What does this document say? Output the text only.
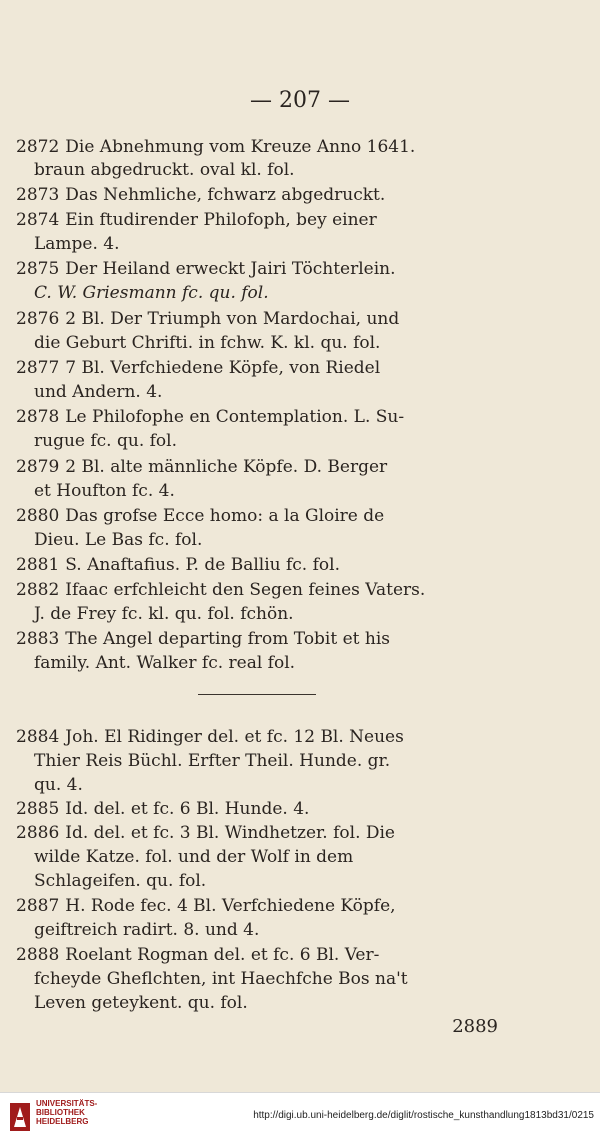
— 207 —
2872 Die Abnehmung vom Kreuze Anno 1641.
braun abgedruckt. oval kl. fol.
2873 Das Nehmliche, fchwarz abgedruckt.
2874 Ein ftudirender Philofoph, bey einer
Lampe. 4.
2875 Der Heiland erweckt Jairi Töchterlein.
C. W. Griesmann fc. qu. fol.
2876 2 Bl. Der Triumph von Mardochai, und
die Geburt Chrifti. in fchw. K. kl. qu. fol.
2877 7 Bl. Verfchiedene Köpfe, von Riedel
und Andern. 4.
2878 Le Philofophe en Contemplation. L. Su-
rugue fc. qu. fol.
2879 2 Bl. alte männliche Köpfe. D. Berger
et Houfton fc. 4.
2880 Das grofse Ecce homo: a la Gloire de
Dieu. Le Bas fc. fol.
2881 S. Anaftafius. P. de Balliu fc. fol.
2882 Ifaac erfchleicht den Segen feines Vaters.
J. de Frey fc. kl. qu. fol. fchön.
2883 The Angel departing from Tobit et his
family. Ant. Walker fc. real fol.
2884 Joh. El Ridinger del. et fc. 12 Bl. Neues
Thier Reis Büchl. Erfter Theil. Hunde. gr.
qu. 4.
2885 Id. del. et fc. 6 Bl. Hunde. 4.
2886 Id. del. et fc. 3 Bl. Windhetzer. fol. Die
wilde Katze. fol. und der Wolf in dem
Schlageifen. qu. fol.
2887 H. Rode fec. 4 Bl. Verfchiedene Köpfe,
geiftreich radirt. 8. und 4.
2888 Roelant Rogman del. et fc. 6 Bl. Ver-
fcheyde Gheflchten, int Haechfche Bos na't
Leven geteykent. qu. fol.
2889
UNIVERSITÄTS-
BIBLIOTHEK
HEIDELBERG
http://digi.ub.uni-heidelberg.de/diglit/rostische_kunsthandlung1813bd31/0215
